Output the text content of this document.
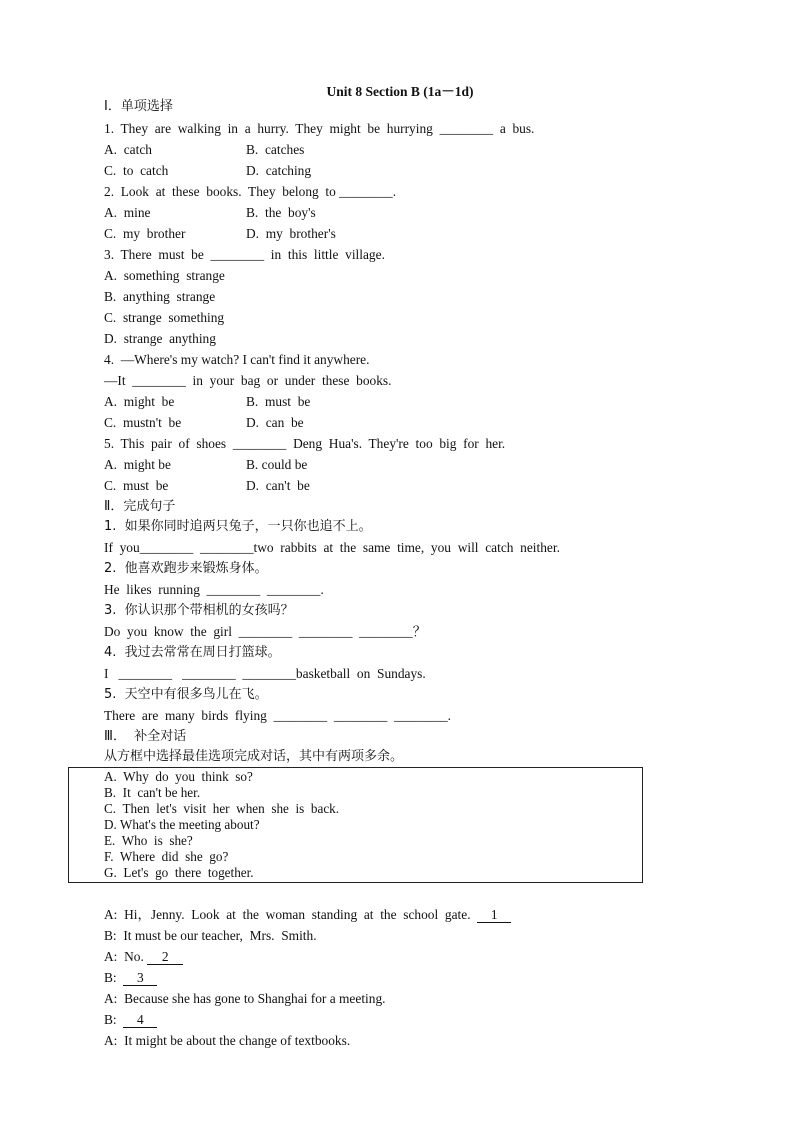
Unit 8 Section B (1a－1d)
Ⅰ．单项选择
1.  They  are  walking  in  a  hurry.  They  might  be  hurrying  ________  a  bus.
A.  catch	B.  catches
C.  to  catch	D.  catching
2.  Look  at  these  books.  They  belong  to ________.
A.  mine	B.  the  boy's
C.  my  brother	D.  my  brother's
3.  There  must  be  ________  in  this  little  village.
A.  something  strange
B.  anything  strange
C.  strange  something
D.  strange  anything
4.  —Where's my watch? I can't find it anywhere.
—It  ________  in  your  bag  or  under  these  books.
A.  might  be	B.  must  be
C.  mustn't  be	D.  can  be
5.  This  pair  of  shoes  ________  Deng  Hua's.  They're  too  big  for  her.
A.  might be	B. could be
C.  must  be	D.  can't  be
Ⅱ．完成句子
1.  如果你同时追两只兔子，一只你也追不上。
If  you________  ________two  rabbits  at  the  same  time,  you  will  catch  neither.
2.  他喜欢跑步来锻炼身体。
He  likes  running  ________  ________.
3.  你认识那个带相机的女孩吗？
Do  you  know  the  girl  ________  ________  ________？
4.  我过去常常在周日打篮球。
I   ________   ________  ________basketball  on  Sundays.
5.  天空中有很多鸟儿在飞。
There  are  many  birds  flying  ________  ________  ________.
Ⅲ．  补全对话
从方框中选择最佳选项完成对话，其中有两项多余。
A.  Why  do  you  think  so?
B.  It  can't be her.
C.  Then  let's  visit  her  when  she  is  back.
D. What's the meeting about?
E.  Who  is  she?
F.  Where  did  she  go?
G.  Let's  go  there  together.
A:  Hi，Jenny.  Look  at  the  woman  standing  at  the  school  gate. 1
B:  It must be our teacher,  Mrs.  Smith.
A:  No. 2
B: 3
A:  Because she has gone to Shanghai for a meeting.
B: 4
A:  It might be about the change of textbooks.
